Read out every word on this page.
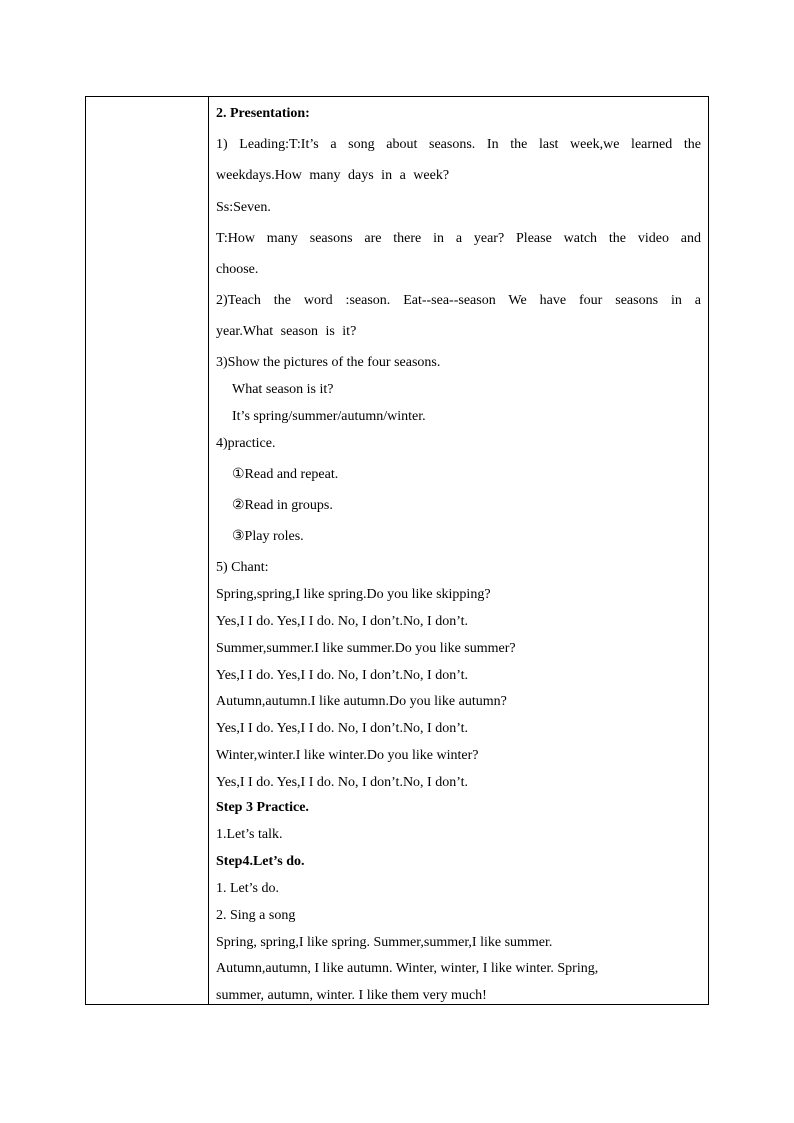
2. Presentation:
1) Leading:T:It’s a song about seasons. In the last week,we learned the
weekdays.How many days in a week?
Ss:Seven.
T:How many seasons are there in a year? Please watch the video and
choose.
2)Teach the word :season. Eat--sea--season We have four seasons in a
year.What season is it?
3)Show the pictures of the four seasons.
What season is it?
It’s spring/summer/autumn/winter.
4)practice.
①Read and repeat.
②Read in groups.
③Play roles.
5) Chant:
Spring,spring,I like spring.Do you like skipping?
Yes,I I do. Yes,I I do. No, I don’t.No, I don’t.
Summer,summer.I like summer.Do you like summer?
Yes,I I do. Yes,I I do. No, I don’t.No, I don’t.
Autumn,autumn.I like autumn.Do you like autumn?
Yes,I I do. Yes,I I do. No, I don’t.No, I don’t.
Winter,winter.I like winter.Do you like winter?
Yes,I I do. Yes,I I do. No, I don’t.No, I don’t.
Step 3 Practice.
1.Let’s talk.
Step4.Let’s do.
1. Let’s do.
2. Sing a song
Spring, spring,I like spring. Summer,summer,I like summer.
Autumn,autumn, I like autumn. Winter, winter, I like winter. Spring,
summer, autumn, winter. I like them very much!
